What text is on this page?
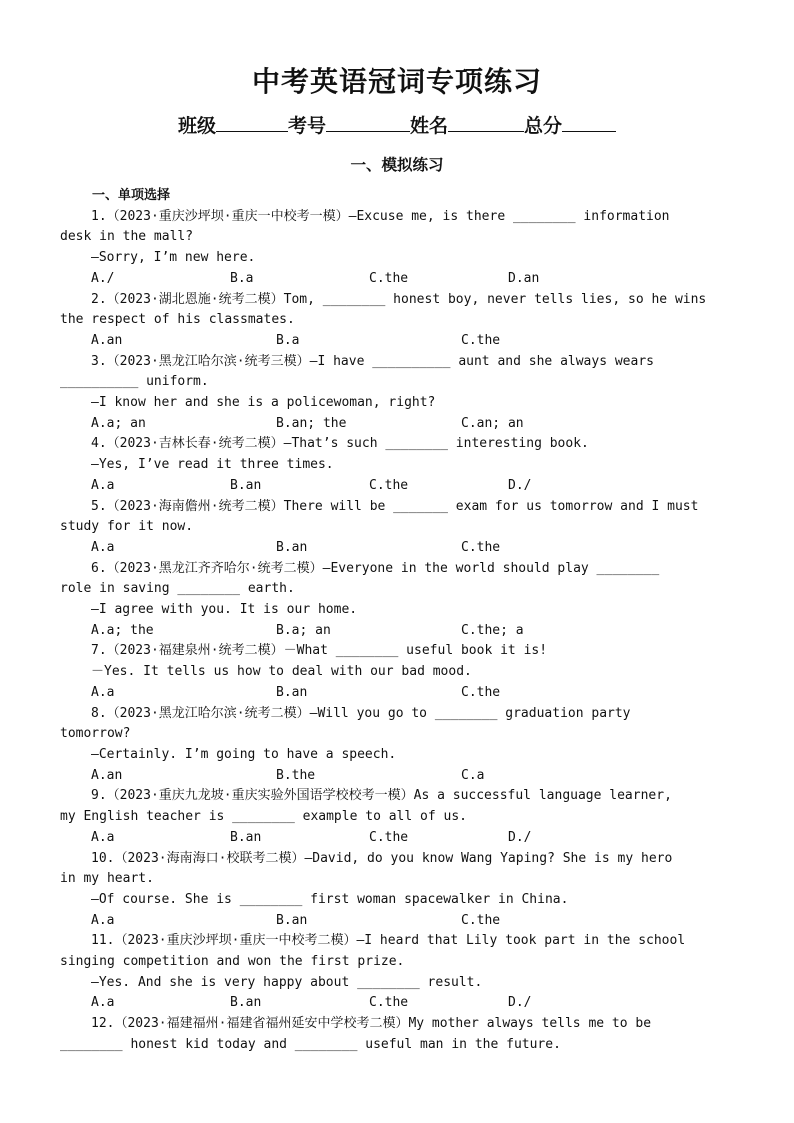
中考英语冠词专项练习
班级	考号	姓名	总分
一、模拟练习
一、单项选择
1.（2023·重庆沙坪坝·重庆一中校考一模）—Excuse me, is there ________ information
desk in the mall?
—Sorry, I’m new here.
A./	B.a	C.the	D.an
2.（2023·湖北恩施·统考二模）Tom, ________ honest boy, never tells lies, so he wins
the respect of his classmates.
A.an	B.a	C.the
3.（2023·黑龙江哈尔滨·统考三模）—I have __________ aunt and she always wears
__________ uniform.
—I know her and she is a policewoman, right?
A.a; an	B.an; the	C.an; an
4.（2023·吉林长春·统考二模）—That’s such ________ interesting book.
—Yes, I’ve read it three times.
A.a	B.an	C.the	D./
5.（2023·海南儋州·统考二模）There will be _______ exam for us tomorrow and I must
study for it now.
A.a	B.an	C.the
6.（2023·黑龙江齐齐哈尔·统考二模）—Everyone in the world should play ________
role in saving ________ earth.
—I agree with you. It is our home.
A.a; the	B.a; an	C.the; a
7.（2023·福建泉州·统考二模）－What ________ useful book it is!
－Yes. It tells us how to deal with our bad mood.
A.a	B.an	C.the
8.（2023·黑龙江哈尔滨·统考二模）—Will you go to ________ graduation party
tomorrow?
—Certainly. I’m going to have a speech.
A.an	B.the	C.a
9.（2023·重庆九龙坡·重庆实验外国语学校校考一模）As a successful language learner,
my English teacher is ________ example to all of us.
A.a	B.an	C.the	D./
10.（2023·海南海口·校联考二模）—David, do you know Wang Yaping? She is my hero
in my heart.
—Of course. She is ________ first woman spacewalker in China.
A.a	B.an	C.the
11.（2023·重庆沙坪坝·重庆一中校考二模）—I heard that Lily took part in the school
singing competition and won the first prize.
—Yes. And she is very happy about ________ result.
A.a	B.an	C.the	D./
12.（2023·福建福州·福建省福州延安中学校考二模）My mother always tells me to be
________ honest kid today and ________ useful man in the future.
